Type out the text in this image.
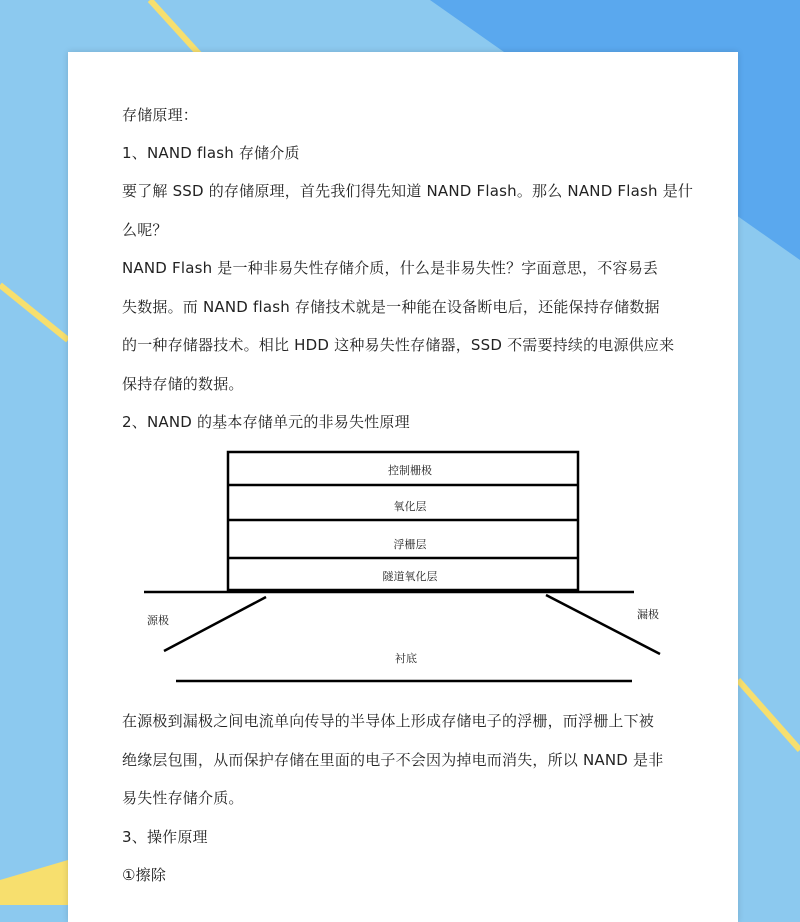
存储原理：
1、NAND flash 存储介质
要了解 SSD 的存储原理，首先我们得先知道 NAND Flash。那么 NAND Flash 是什
么呢？
NAND Flash 是一种非易失性存储介质，什么是非易失性？字面意思，不容易丢
失数据。而 NAND flash 存储技术就是一种能在设备断电后，还能保持存储数据
的一种存储器技术。相比 HDD 这种易失性存储器，SSD 不需要持续的电源供应来
保持存储的数据。
2、NAND 的基本存储单元的非易失性原理
在源极到漏极之间电流单向传导的半导体上形成存储电子的浮栅，而浮栅上下被
绝缘层包围，从而保护存储在里面的电子不会因为掉电而消失，所以 NAND 是非
易失性存储介质。
3、操作原理
①擦除
控制栅极
氧化层
浮栅层
隧道氧化层
源极	漏极
衬底
